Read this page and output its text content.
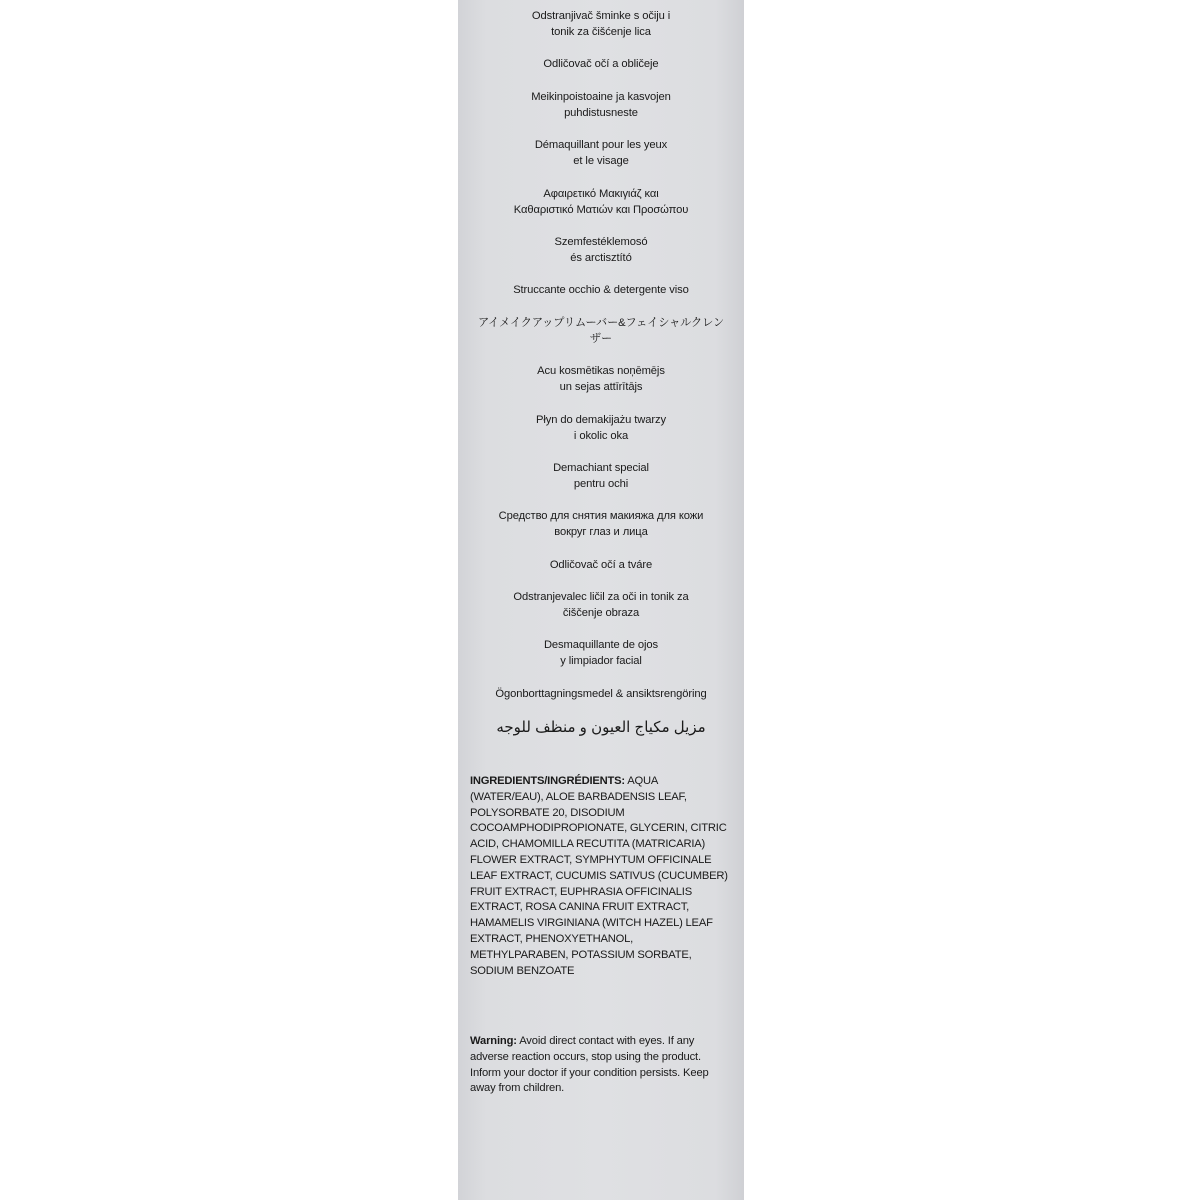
Odstranjivač šminke s očiju i
tonik za čišćenje lica
Odličovač očí a obličeje
Meikinpoistoaine ja kasvojen
puhdistusneste
Démaquillant pour les yeux
et le visage
Αφαιρετικό Μακιγιάζ και
Καθαριστικό Ματιών και Προσώπου
Szemfestéklemosó
és arctisztító
Struccante occhio & detergente viso
アイメイクアップリムーバー&フェイシャルクレン
ザー
Acu kosmētikas noņēmējs
un sejas attīrītājs
Płyn do demakijażu twarzy
i okolic oka
Demachiant special
pentru ochi
Средство для снятия макияжа для кожи
вокруг глаз и лица
Odličovač očí a tváre
Odstranjevalec ličil za oči in tonik za
čiščenje obraza
Desmaquillante de ojos
y limpiador facial
Ögonborttagningsmedel & ansiktsrengöring
مزيل مكياج العيون و منظف للوجه

INGREDIENTS/INGRÉDIENTS: AQUA (WATER/EAU), ALOE BARBADENSIS LEAF, POLYSORBATE 20, DISODIUM COCOAMPHODIPROPIONATE, GLYCERIN, CITRIC ACID, CHAMOMILLA RECUTITA (MATRICARIA) FLOWER EXTRACT, SYMPHYTUM OFFICINALE LEAF EXTRACT, CUCUMIS SATIVUS (CUCUMBER) FRUIT EXTRACT, EUPHRASIA OFFICINALIS EXTRACT, ROSA CANINA FRUIT EXTRACT, HAMAMELIS VIRGINIANA (WITCH HAZEL) LEAF EXTRACT, PHENOXYETHANOL, METHYLPARABEN, POTASSIUM SORBATE, SODIUM BENZOATE

Warning: Avoid direct contact with eyes. If any adverse reaction occurs, stop using the product. Inform your doctor if your condition persists. Keep away from children.
